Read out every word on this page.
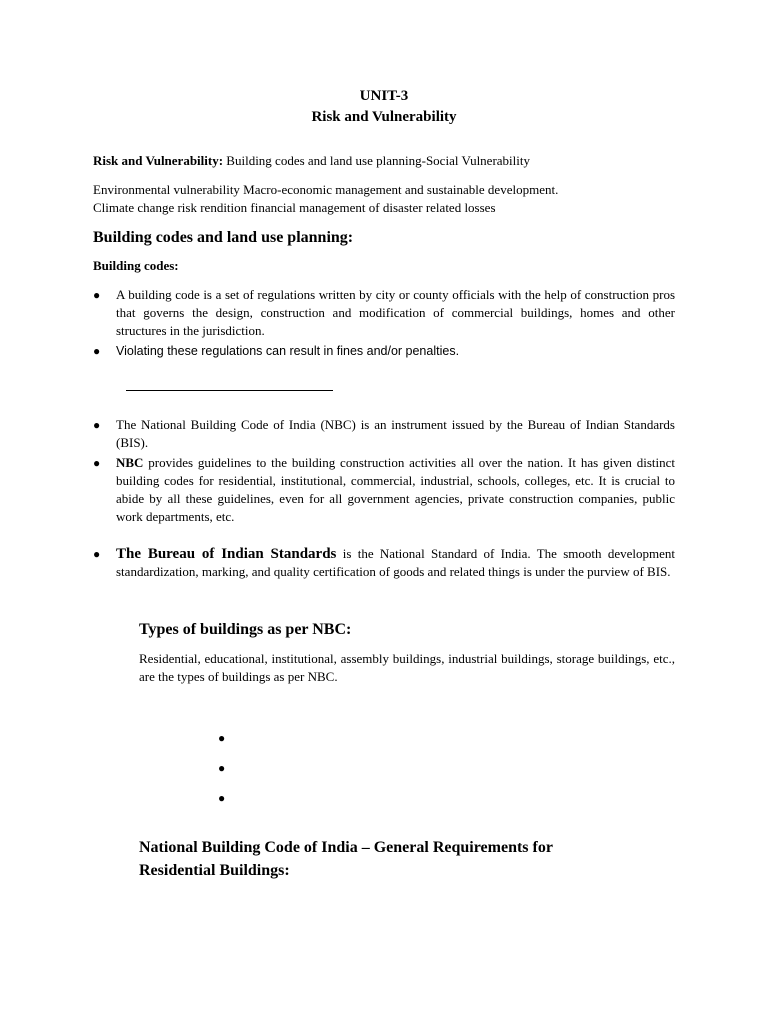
UNIT-3
Risk and Vulnerability
Risk and Vulnerability: Building codes and land use planning-Social Vulnerability
Environmental vulnerability Macro-economic management and sustainable development.
Climate change risk rendition financial management of disaster related losses
Building codes and land use planning:
Building codes:
●	A building code is a set of regulations written by city or county officials with the help of construction pros that governs the design, construction and modification of commercial buildings, homes and other structures in the jurisdiction.
●	Violating these regulations can result in fines and/or penalties.
●	The National Building Code of India (NBC) is an instrument issued by the Bureau of Indian Standards (BIS).
●	NBC provides guidelines to the building construction activities all over the nation. It has given distinct building codes for residential, institutional, commercial, industrial, schools, colleges, etc. It is crucial to abide by all these guidelines, even for all government agencies, private construction companies, public work departments, etc.
●	The Bureau of Indian Standards is the National Standard of India. The smooth development standardization, marking, and quality certification of goods and related things is under the purview of BIS.
Types of buildings as per NBC:
Residential, educational, institutional, assembly buildings, industrial buildings, storage buildings, etc., are the types of buildings as per NBC.
●
●
●
National Building Code of India – General Requirements for
Residential Buildings:
